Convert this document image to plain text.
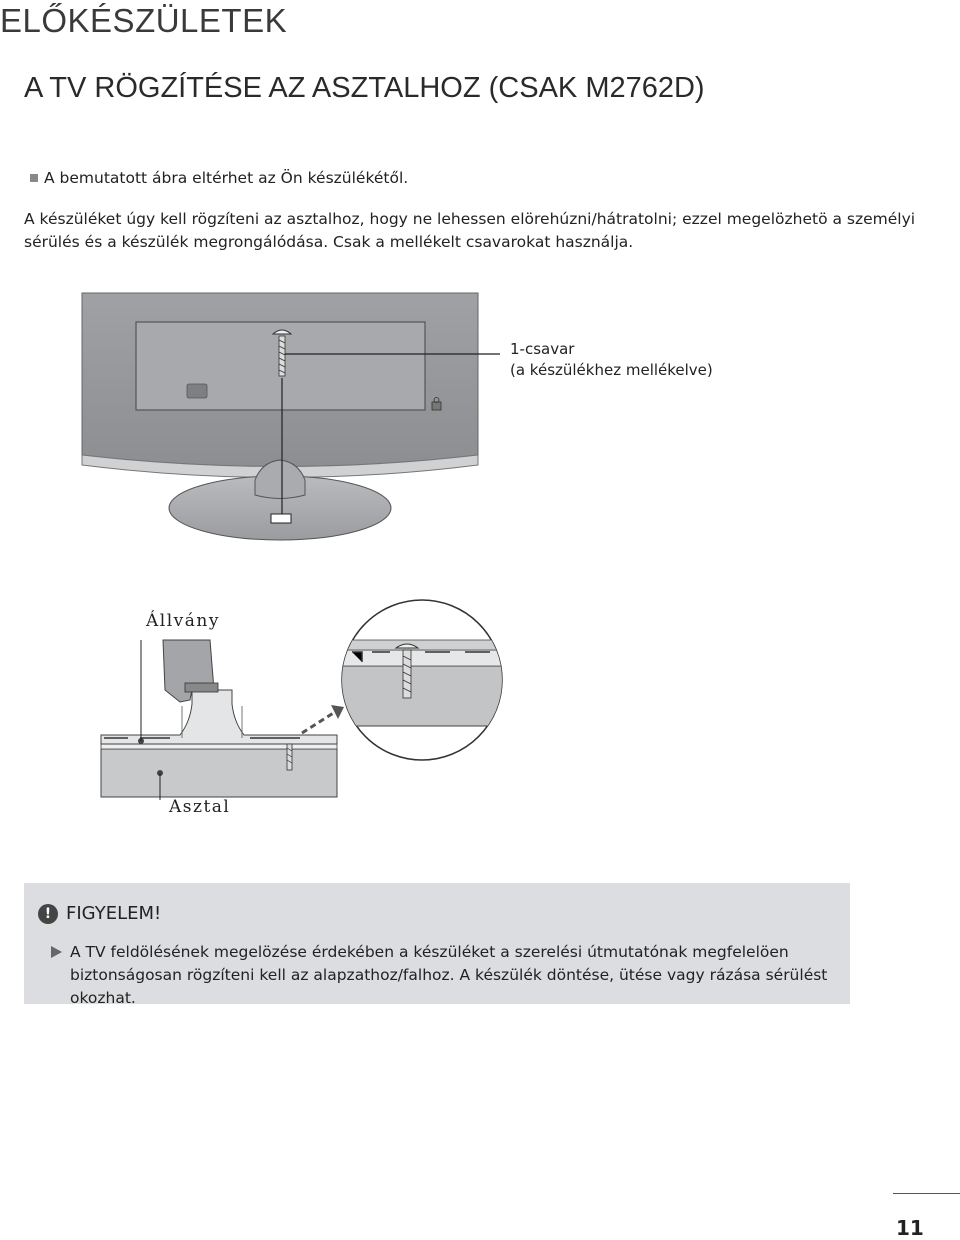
ELŐKÉSZÜLETEK
A TV RÖGZÍTÉSE AZ ASZTALHOZ (CSAK M2762D)
A bemutatott ábra eltérhet az Ön készülékétől.
A készüléket úgy kell rögzíteni az asztalhoz, hogy ne lehessen elörehúzni/hátratolni; ezzel megelözhetö a személyi sérülés és a készülék megrongálódása. Csak a mellékelt csavarokat használja.
1-csavar
(a készülékhez mellékelve)
Állvány
Asztal
! FIGYELEM!
A TV feldölésének megelözése érdekében a készüléket a szerelési útmutatónak megfelelöen biztonságosan rögzíteni kell az alapzathoz/falhoz. A készülék döntése, ütése vagy rázása sérülést okozhat.
11
